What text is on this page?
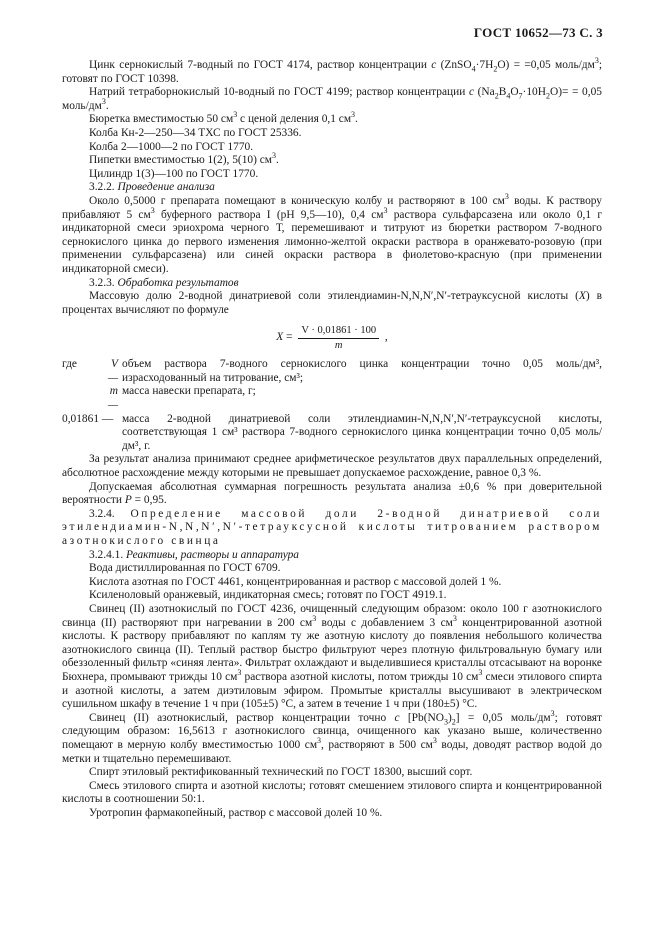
ГОСТ 10652—73 С. 3

Цинк сернокислый 7-водный по ГОСТ 4174, раствор концентрации c $(ZnSO_4\cdot 7H_2O) = =0,05$ моль/$дм^3$; готовят по ГОСТ 10398.

Натрий тетраборнокислый 10-водный по ГОСТ 4199; раствор концентрации c $(Na_2B_4O_7\cdot 10H_2O)= = 0,05$ моль/$дм^3$.

Бюретка вместимостью 50 $см^3$ с ценой деления 0,1 $см^3$.

Колба Кн-2—250—34 ТХС по ГОСТ 25336.

Колба 2—1000—2 по ГОСТ 1770.

Пипетки вместимостью 1(2), 5(10) $см^3$.

Цилиндр 1(3)—100 по ГОСТ 1770.

3.2.2. Проведение анализа

Около 0,5000 г препарата помещают в коническую колбу и растворяют в 100 $см^3$ воды. К раствору прибавляют 5 $см^3$ буферного раствора I (pH 9,5—10), 0,4 $см^3$ раствора сульфарсазена или около 0,1 г индикаторной смеси эриохрома черного Т, перемешивают и титруют из бюретки раствором 7-водного сернокислого цинка до первого изменения лимонно-желтой окраски раствора в оранжевато-розовую (при применении сульфарсазена) или синей окраски раствора в фиолетово-красную (при применении индикаторной смеси).

3.2.3. Обработка результатов

Массовую долю 2-водной динатриевой соли этилендиамин-N,N,N′,N′-тетрауксусной кислоты (X) в процентах вычисляют по формуле

$X = \frac{V \cdot 0,01861 \cdot 100}{m}$ ,
где	V —
объем раствора 7-водного сернокислого цинка концентрации точно 0,05 моль/дм³, израсходованный на титрование, см³;
m —
масса навески препарата, г;
0,01861 — масса 2-водной динатриевой соли этилендиамин-N,N,N′,N′-тетрауксусной кислоты, соответствующая 1 см³ раствора 7-водного сернокислого цинка концентрации точно 0,05 моль/дм³, г.

За результат анализа принимают среднее арифметическое результатов двух параллельных определений, абсолютное расхождение между которыми не превышает допускаемое расхождение, равное 0,3 %.

Допускаемая абсолютная суммарная погрешность результата анализа ±0,6 % при доверительной вероятности P = 0,95.

3.2.4. Определение массовой доли 2-водной динатриевой соли этилендиамин-N,N,N′,N′-тетрауксусной кислоты титрованием раствором азотнокислого свинца

3.2.4.1. Реактивы, растворы и аппаратура

Вода дистиллированная по ГОСТ 6709.

Кислота азотная по ГОСТ 4461, концентрированная и раствор с массовой долей 1 %.

Ксиленоловый оранжевый, индикаторная смесь; готовят по ГОСТ 4919.1.

Свинец (II) азотнокислый по ГОСТ 4236, очищенный следующим образом: около 100 г азотнокислого свинца (II) растворяют при нагревании в 200 $см^3$ воды с добавлением 3 $см^3$ концентрированной азотной кислоты. К раствору прибавляют по каплям ту же азотную кислоту до появления небольшого количества азотнокислого свинца (II). Теплый раствор быстро фильтруют через плотную фильтровальную бумагу или обеззоленный фильтр «синяя лента». Фильтрат охлаждают и выделившиеся кристаллы отсасывают на воронке Бюхнера, промывают трижды 10 $см^3$ раствора азотной кислоты, потом трижды 10 $см^3$ смеси этилового спирта и азотной кислоты, а затем диэтиловым эфиром. Промытые кристаллы высушивают в электрическом сушильном шкафу в течение 1 ч при (105±5) °С, а затем в течение 1 ч при (180±5) °С.

Свинец (II) азотнокислый, раствор концентрации точно c $[Pb(NO_3)_2] = 0,05$ моль/$дм^3$; готовят следующим образом: 16,5613 г азотнокислого свинца, очищенного как указано выше, количественно помещают в мерную колбу вместимостью 1000 $см^3$, растворяют в 500 $см^3$ воды, доводят раствор водой до метки и тщательно перемешивают.

Спирт этиловый ректификованный технический по ГОСТ 18300, высший сорт.

Смесь этилового спирта и азотной кислоты; готовят смешением этилового спирта и концентрированной кислоты в соотношении 50:1.

Уротропин фармакопейный, раствор с массовой долей 10 %.
